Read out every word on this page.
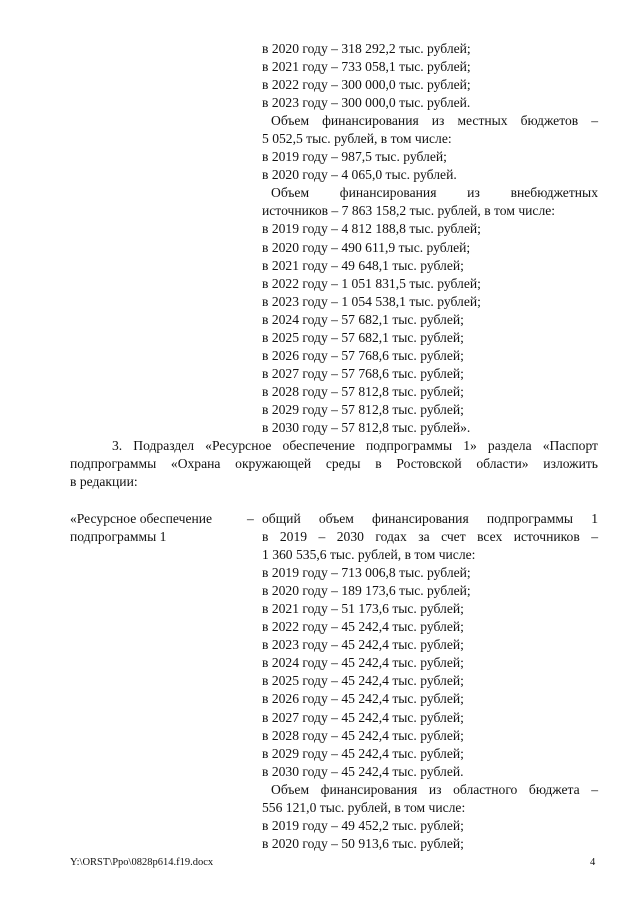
в 2020 году – 318 292,2 тыс. рублей;
в 2021 году – 733 058,1 тыс. рублей;
в 2022 году – 300 000,0 тыс. рублей;
в 2023 году – 300 000,0 тыс. рублей.
Объем финансирования из местных бюджетов –
5 052,5 тыс. рублей, в том числе:
в 2019 году – 987,5 тыс. рублей;
в 2020 году – 4 065,0 тыс. рублей.
Объем финансирования из внебюджетных
источников – 7 863 158,2 тыс. рублей, в том числе:
в 2019 году – 4 812 188,8 тыс. рублей;
в 2020 году – 490 611,9 тыс. рублей;
в 2021 году – 49 648,1 тыс. рублей;
в 2022 году – 1 051 831,5 тыс. рублей;
в 2023 году – 1 054 538,1 тыс. рублей;
в 2024 году – 57 682,1 тыс. рублей;
в 2025 году – 57 682,1 тыс. рублей;
в 2026 году – 57 768,6 тыс. рублей;
в 2027 году – 57 768,6 тыс. рублей;
в 2028 году – 57 812,8 тыс. рублей;
в 2029 году – 57 812,8 тыс. рублей;
в 2030 году – 57 812,8 тыс. рублей».
3. Подраздел «Ресурсное обеспечение подпрограммы 1» раздела «Паспорт
подпрограммы «Охрана окружающей среды в Ростовской области» изложить
в редакции:
«Ресурсное обеспечение
подпрограммы 1
– общий объем финансирования подпрограммы 1
в 2019 – 2030 годах за счет всех источников –
1 360 535,6 тыс. рублей, в том числе:
в 2019 году – 713 006,8 тыс. рублей;
в 2020 году – 189 173,6 тыс. рублей;
в 2021 году – 51 173,6 тыс. рублей;
в 2022 году – 45 242,4 тыс. рублей;
в 2023 году – 45 242,4 тыс. рублей;
в 2024 году – 45 242,4 тыс. рублей;
в 2025 году – 45 242,4 тыс. рублей;
в 2026 году – 45 242,4 тыс. рублей;
в 2027 году – 45 242,4 тыс. рублей;
в 2028 году – 45 242,4 тыс. рублей;
в 2029 году – 45 242,4 тыс. рублей;
в 2030 году – 45 242,4 тыс. рублей.
Объем финансирования из областного бюджета –
556 121,0 тыс. рублей, в том числе:
в 2019 году – 49 452,2 тыс. рублей;
в 2020 году – 50 913,6 тыс. рублей;
Y:\ORST\Ppo\0828p614.f19.docx	4
